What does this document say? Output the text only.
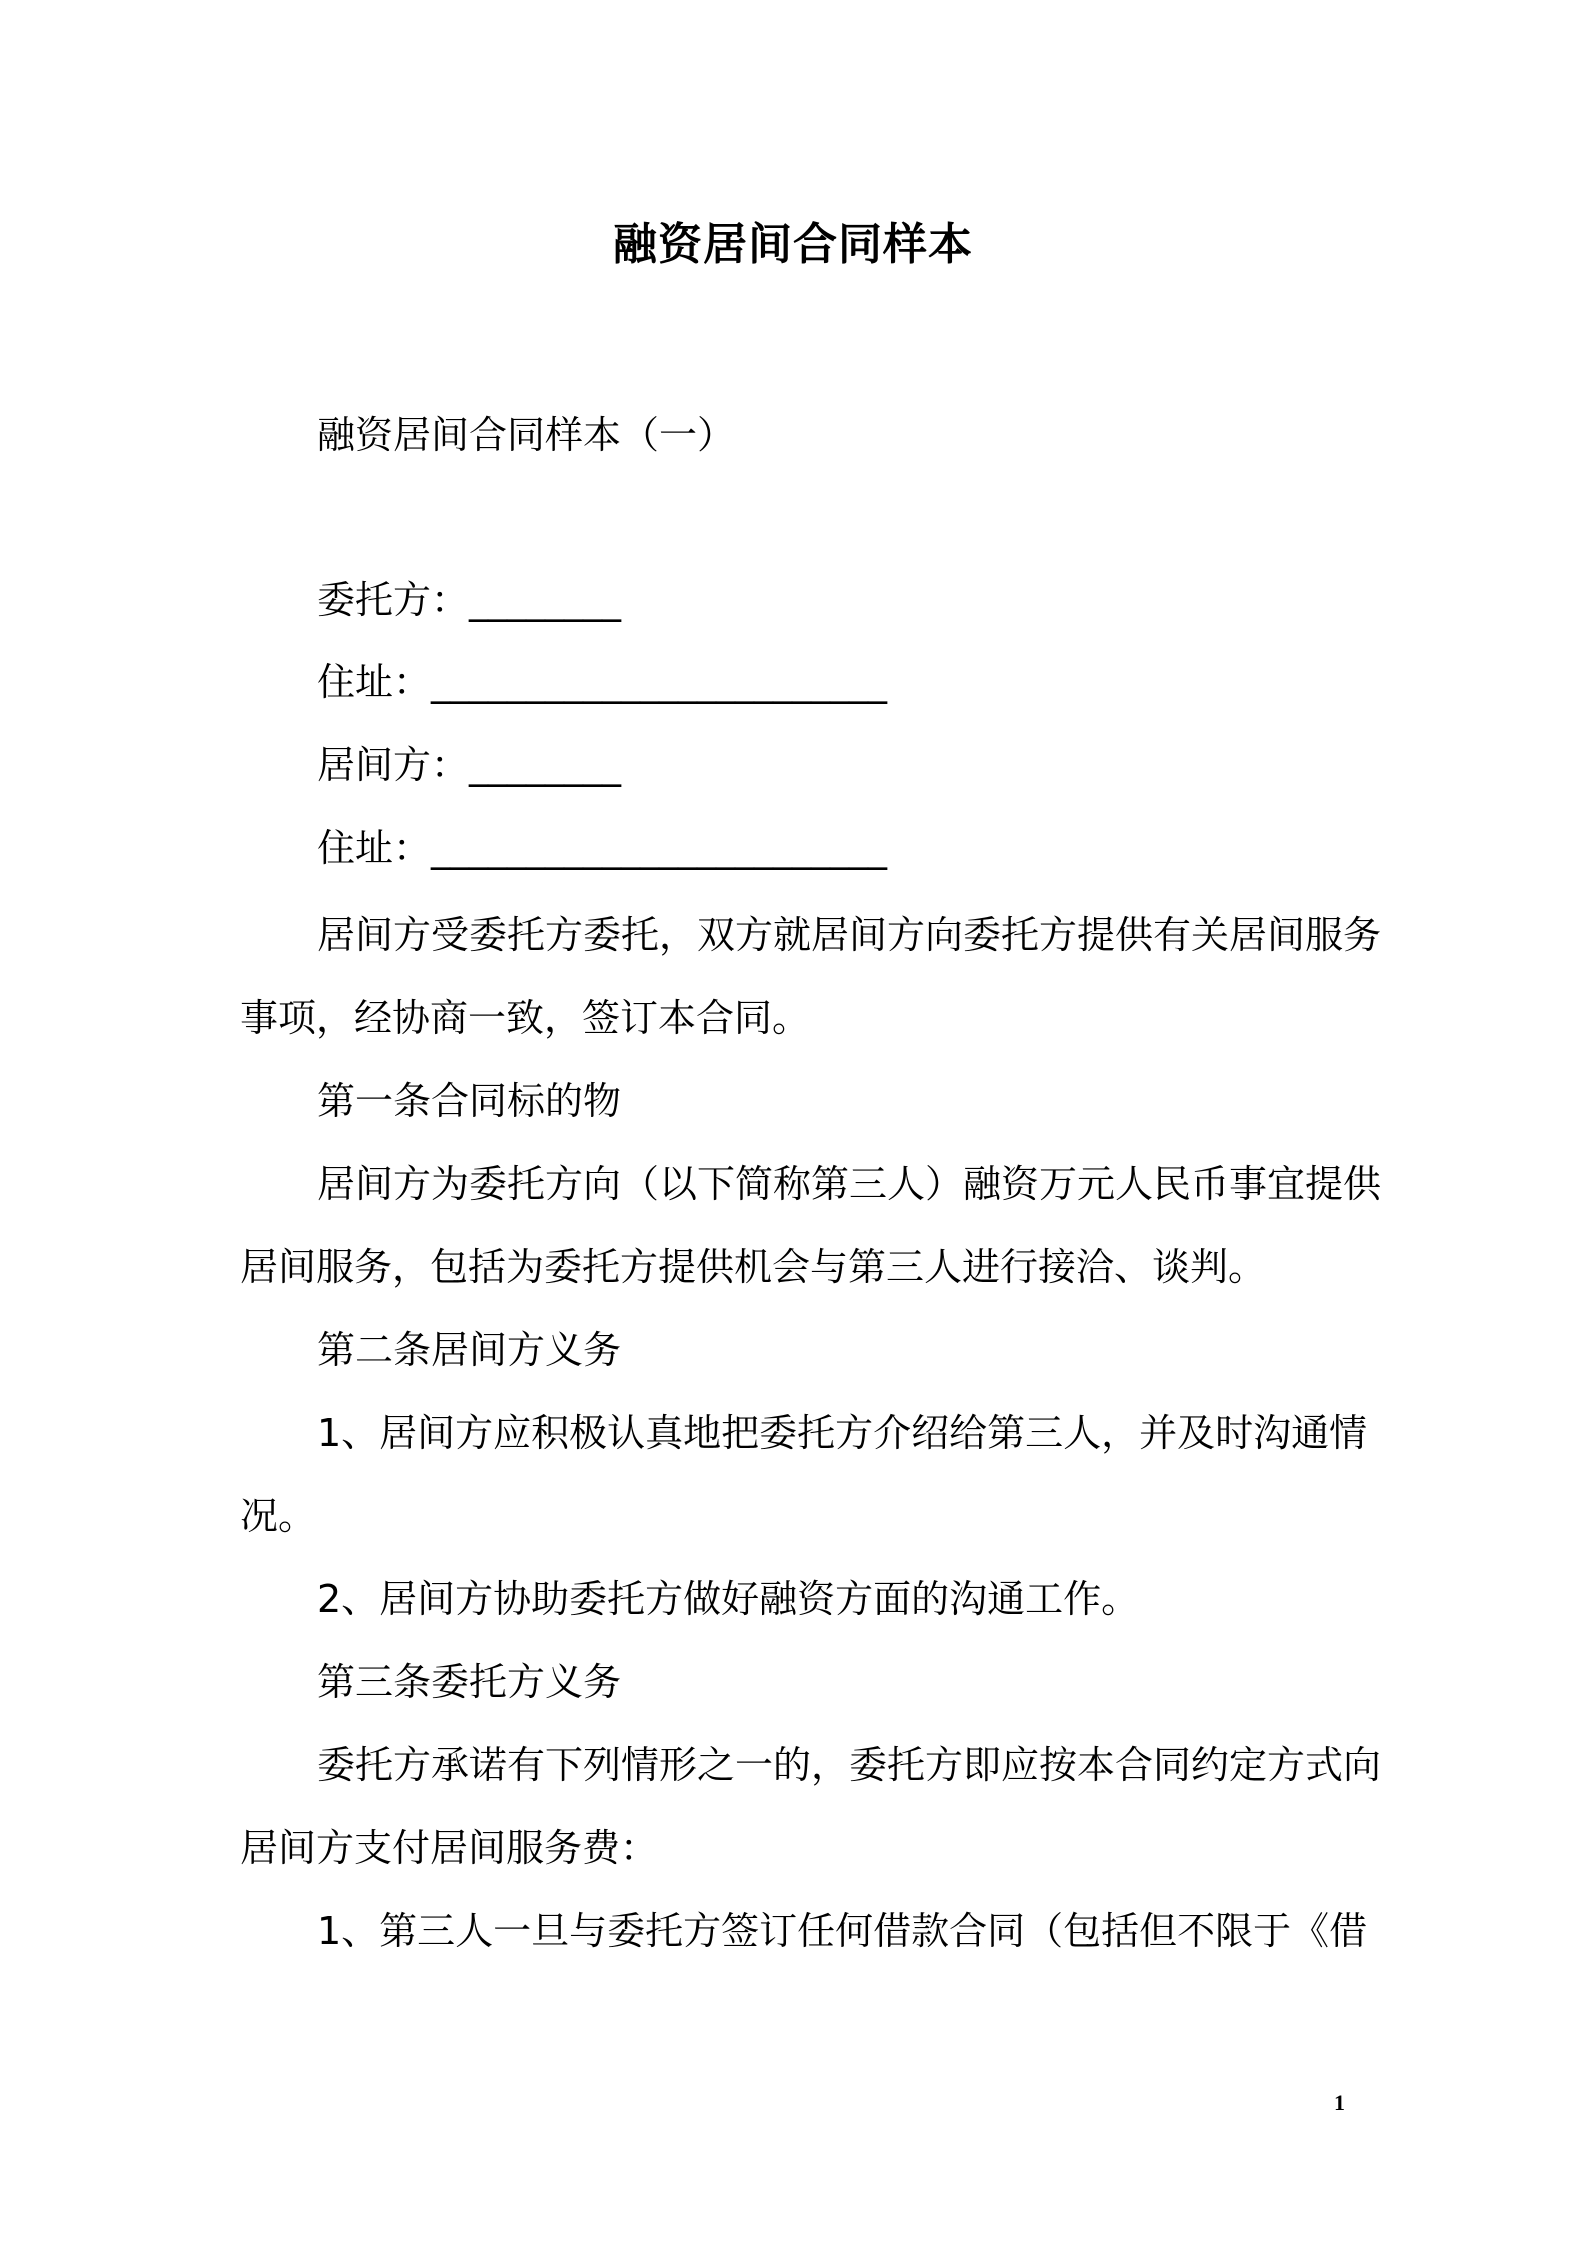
融资居间合同样本
融资居间合同样本（一）
委托方：________
住址：________________________
居间方：________
住址：________________________
居间方受委托方委托，双方就居间方向委托方提供有关居间服务
事项，经协商一致，签订本合同。
第一条合同标的物
居间方为委托方向（以下简称第三人）融资万元人民币事宜提供
居间服务，包括为委托方提供机会与第三人进行接洽、谈判。
第二条居间方义务
1、居间方应积极认真地把委托方介绍给第三人，并及时沟通情
况。
2、居间方协助委托方做好融资方面的沟通工作。
第三条委托方义务
委托方承诺有下列情形之一的，委托方即应按本合同约定方式向
居间方支付居间服务费：
1、第三人一旦与委托方签订任何借款合同（包括但不限于《借
1
